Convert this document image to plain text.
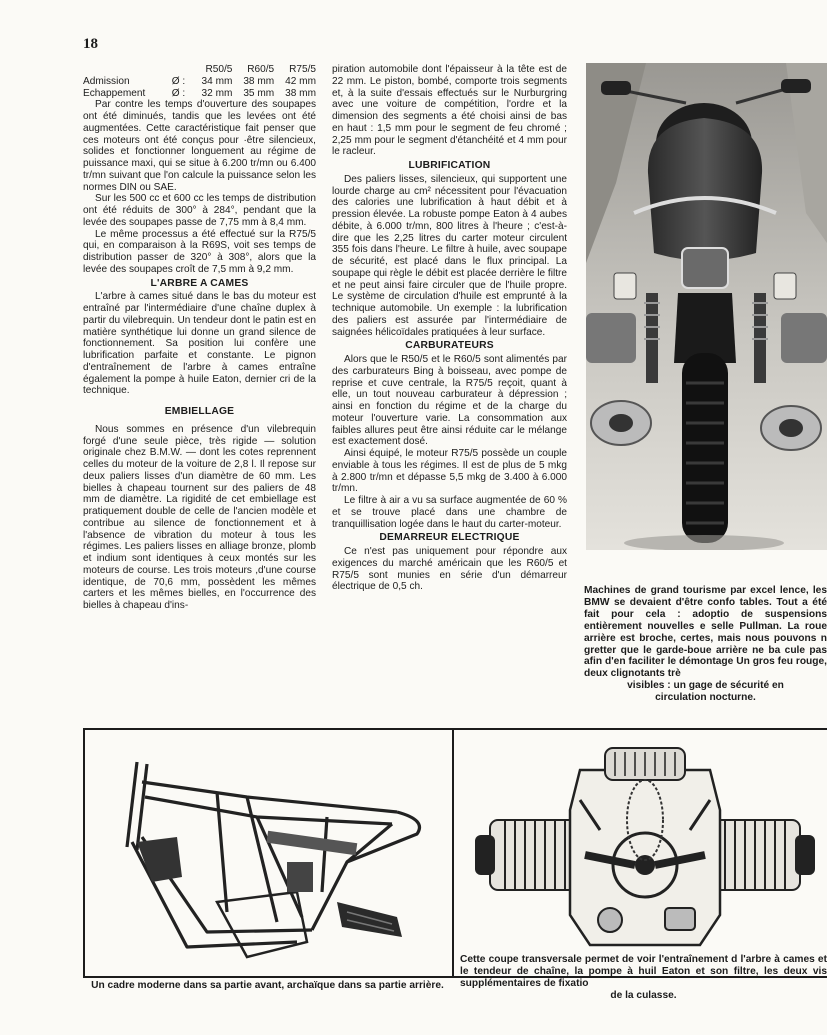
18
		R50/5	R60/5	R75/5
Admission	Ø :	34 mm	38 mm	42 mm
Echappement	Ø :	32 mm	35 mm	38 mm

Par contre les temps d'ouverture des soupapes ont été diminués, tandis que les levées ont été augmentées. Cette caractéristique fait penser que ces moteurs ont été conçus pour ·être silencieux, solides et fonctionner longuement au régime de puissance maxi, qui se situe à 6.200 tr/mn ou 6.400 tr/mn suivant que l'on calcule la puissance selon les normes DIN ou SAE.

Sur les 500 cc et 600 cc les temps de distribution ont été réduits de 300° à 284°, pendant que la levée des soupapes passe de 7,75 mm à 8,4 mm.

Le même processus a été effectué sur la R75/5 qui, en comparaison à la R69S, voit ses temps de distribution passer de 320° à 308°, alors que la levée des soupapes croît de 7,5 mm à 9,2 mm.

L'ARBRE A CAMES

L'arbre à cames situé dans le bas du moteur est entraîné par l'intermédiaire d'une chaîne duplex à partir du vilebrequin. Un tendeur dont le patin est en matière synthétique lui donne un grand silence de fonctionnement. Sa position lui confère une lubrification parfaite et constante. Le pignon d'entraînement de l'arbre à cames entraîne également la pompe à huile Eaton, dernier cri de la technique.

EMBIELLAGE

Nous sommes en présence d'un vilebrequin forgé d'une seule pièce, très rigide — solution originale chez B.M.W. — dont les cotes reprennent celles du moteur de la voiture de 2,8 l. Il repose sur deux paliers lisses d'un diamètre de 60 mm. Les bielles à chapeau tournent sur des paliers de 48 mm de diamètre. La rigidité de cet embiellage est pratiquement double de celle de l'ancien modèle et contribue au silence de fonctionnement et à l'absence de vibration du moteur à tous les régimes. Les paliers lisses en alliage bronze, plomb et indium sont identiques à ceux montés sur les moteurs de course. Les trois moteurs ,d'une course identique, de 70,6 mm, possèdent les mêmes carters et les mêmes bielles, en l'occurrence des bielles à chapeau d'ins-

piration automobile dont l'épaisseur à la tête est de 22 mm. Le piston, bombé, comporte trois segments et, à la suite d'essais effectués sur le Nurburgring avec une voiture de compétition, l'ordre et la dimension des segments a été choisi ainsi de bas en haut : 1,5 mm pour le segment de feu chromé ; 2,25 mm pour le segment d'étanchéité et 4 mm pour le racleur.

LUBRIFICATION

Des paliers lisses, silencieux, qui supportent une lourde charge au cm² nécessitent pour l'évacuation des calories une lubrification à haut débit et à pression élevée. La robuste pompe Eaton à 4 aubes débite, à 6.000 tr/mn, 800 litres à l'heure ; c'est-à-dire que les 2,25 litres du carter moteur circulent 355 fois dans l'heure. Le filtre à huile, avec soupape de sécurité, est placé dans le flux principal. La soupape qui règle le débit est placée derrière le filtre et ne peut ainsi faire circuler que de l'huile propre. Le système de circulation d'huile est emprunté à la technique automobile. Un exemple : la lubrification des paliers est assurée par l'intermédiaire de saignées hélicoïdales pratiquées à leur surface.

CARBURATEURS

Alors que le R50/5 et le R60/5 sont alimentés par des carburateurs Bing à boisseau, avec pompe de reprise et cuve centrale, la R75/5 reçoit, quant à elle, un tout nouveau carburateur à dépression ; ainsi en fonction du régime et de la charge du moteur l'ouverture varie. La consommation aux faibles allures peut être ainsi réduite car le mélange est exactement dosé.

Ainsi équipé, le moteur R75/5 possède un couple enviable à tous les régimes. Il est de plus de 5 mkg à 2.800 tr/mn et dépasse 5,5 mkg de 3.400 à 6.000 tr/mn.

Le filtre à air a vu sa surface augmentée de 60 % et se trouve placé dans une chambre de tranquillisation logée dans le haut du carter-moteur.

DEMARREUR ELECTRIQUE

Ce n'est pas uniquement pour répondre aux exigences du marché américain que les R60/5 et R75/5 sont munies en série d'un démarreur électrique de 0,5 ch.	Machines de grand tourisme par excel lence, les BMW se devaient d'être confo tables. Tout a été fait pour cela : adoptio de suspensions entièrement nouvelles e selle Pullman. La roue arrière est broche, certes, mais nous pouvons n gretter que le garde-boue arrière ne ba cule pas afin d'en faciliter le démontage Un gros feu rouge, deux clignotants trè
visibles : un gage de sécurité en
circulation nocturne.
Un cadre moderne dans sa partie avant, archaïque dans sa partie arrière.
Cette coupe transversale permet de voir l'entraînement d l'arbre à cames et le tendeur de chaîne, la pompe à huil Eaton et son filtre, les deux vis supplémentaires de fixatio
de la culasse.
